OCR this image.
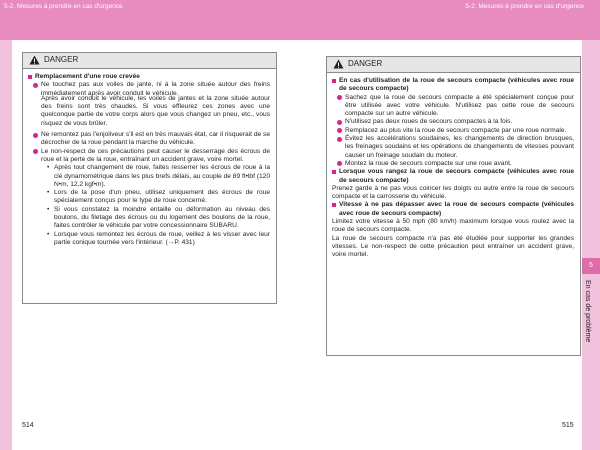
5-2. Mesures à prendre en cas d'urgence	5-2. Mesures à prendre en cas d'urgence
5
En cas de problème
DANGER

Remplacement d'une roue crevée

Ne touchez pas aux voiles de jante, ni à la zone située autour des freins immédiatement après avoir conduit le véhicule.

Après avoir conduit le véhicule, les voiles de jantes et la zone située autour des freins sont très chaudes. Si vous effleurez ces zones avec une quelconque partie de votre corps alors que vous changez un pneu, etc., vous risquez de vous brûler.

Ne remontez pas l'enjoliveur s'il est en très mauvais état, car il risquerait de se décrocher de la roue pendant la marche du véhicule.

Le non-respect de ces précautions peut causer le desserrage des écrous de roue et la perte de la roue, entraînant un accident grave, voire mortel.

• Après tout changement de roue, faites resserrer les écrous de roue à la clé dynamométrique dans les plus brefs délais, au couple de 89 ft•lbf (120 N•m, 12,2 kgf•m).

• Lors de la pose d'un pneu, utilisez uniquement des écrous de roue spécialement conçus pour le type de roue concerné.

• Si vous constatez la moindre entaille ou déformation au niveau des boulons, du filetage des écrous ou du logement des boulons de la roue, faites contrôler le véhicule par votre concessionnaire SUBARU.

• Lorsque vous remontez les écrous de roue, veillez à les visser avec leur partie conique tournée vers l'intérieur. (→P. 431)

DANGER

En cas d'utilisation de la roue de secours compacte (véhicules avec roue de secours compacte)

Sachez que la roue de secours compacte a été spécialement conçue pour être utilisée avec votre véhicule. N'utilisez pas cette roue de secours compacte sur un autre véhicule.

N'utilisez pas deux roues de secours compactes à la fois.

Remplacez au plus vite la roue de secours compacte par une roue normale.

Évitez les accélérations soudaines, les changements de direction brusques, les freinages soudains et les opérations de changements de vitesses pouvant causer un freinage soudain du moteur.

Montez la roue de secours compacte sur une roue avant.

Lorsque vous rangez la roue de secours compacte (véhicules avec roue de secours compacte)

Prenez garde à ne pas vous coincer les doigts ou autre entre la roue de secours compacte et la carrosserie du véhicule.

Vitesse à ne pas dépasser avec la roue de secours compacte (véhicules avec roue de secours compacte)

Limitez votre vitesse à 50 mph (80 km/h) maximum lorsque vous roulez avec la roue de secours compacte.

La roue de secours compacte n'a pas été étudiée pour supporter les grandes vitesses. Le non-respect de cette précaution peut entraîner un accident grave, voire mortel.

514	515
